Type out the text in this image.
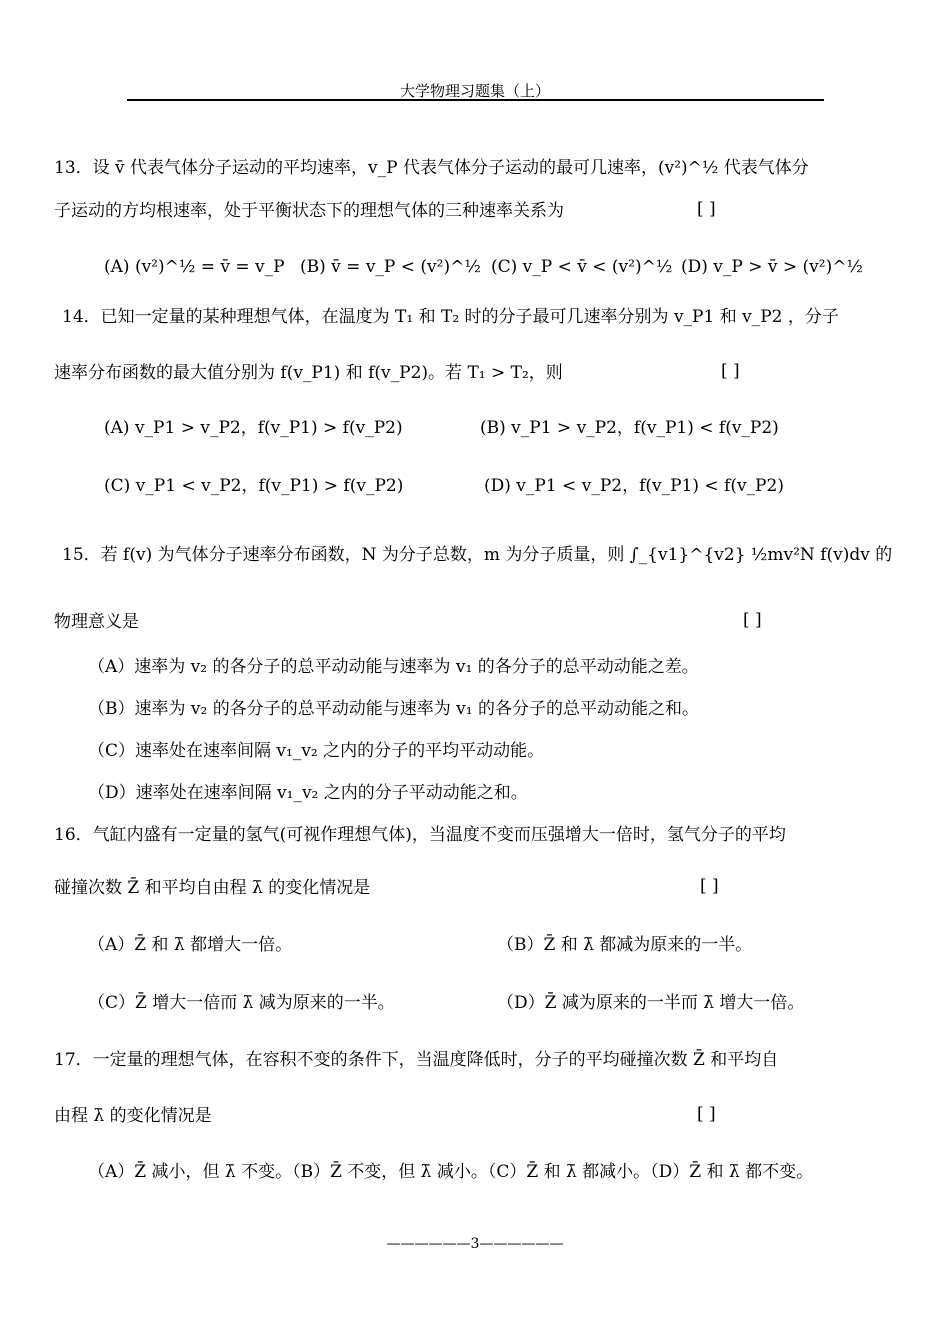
大学物理习题集（上）
13．设 v̄ 代表气体分子运动的平均速率，v_P 代表气体分子运动的最可几速率，(v²)^½ 代表气体分
子运动的方均根速率，处于平衡状态下的理想气体的三种速率关系为	[ ]
(A) (v²)^½ = v̄ = v_P (B) v̄ = v_P < (v²)^½ (C) v_P < v̄ < (v²)^½ (D) v_P > v̄ > (v²)^½
14．已知一定量的某种理想气体，在温度为 T₁ 和 T₂ 时的分子最可几速率分别为 v_P1 和 v_P2 ，分子
速率分布函数的最大值分别为 f(v_P1) 和 f(v_P2)。若 T₁ > T₂，则	[ ]
(A) v_P1 > v_P2，f(v_P1) > f(v_P2)	(B) v_P1 > v_P2，f(v_P1) < f(v_P2)
(C) v_P1 < v_P2，f(v_P1) > f(v_P2)	(D) v_P1 < v_P2，f(v_P1) < f(v_P2)
15．若 f(v) 为气体分子速率分布函数，N 为分子总数，m 为分子质量，则 ∫_{v1}^{v2} ½mv²N f(v)dv 的
物理意义是	[ ]
（A）速率为 v₂ 的各分子的总平动动能与速率为 v₁ 的各分子的总平动动能之差。
（B）速率为 v₂ 的各分子的总平动动能与速率为 v₁ 的各分子的总平动动能之和。
（C）速率处在速率间隔 v₁_v₂ 之内的分子的平均平动动能。
（D）速率处在速率间隔 v₁_v₂ 之内的分子平动动能之和。
16．气缸内盛有一定量的氢气(可视作理想气体)，当温度不变而压强增大一倍时，氢气分子的平均
碰撞次数 Z̄ 和平均自由程 λ̄ 的变化情况是	[ ]
（A）Z̄ 和 λ̄ 都增大一倍。	（B）Z̄ 和 λ̄ 都减为原来的一半。
（C）Z̄ 增大一倍而 λ̄ 减为原来的一半。	（D）Z̄ 减为原来的一半而 λ̄ 增大一倍。
17．一定量的理想气体，在容积不变的条件下，当温度降低时，分子的平均碰撞次数 Z̄ 和平均自
由程 λ̄ 的变化情况是	[ ]
（A）Z̄ 减小，但 λ̄ 不变。（B）Z̄ 不变，但 λ̄ 减小。（C）Z̄ 和 λ̄ 都减小。（D）Z̄ 和 λ̄ 都不变。
——————3——————
